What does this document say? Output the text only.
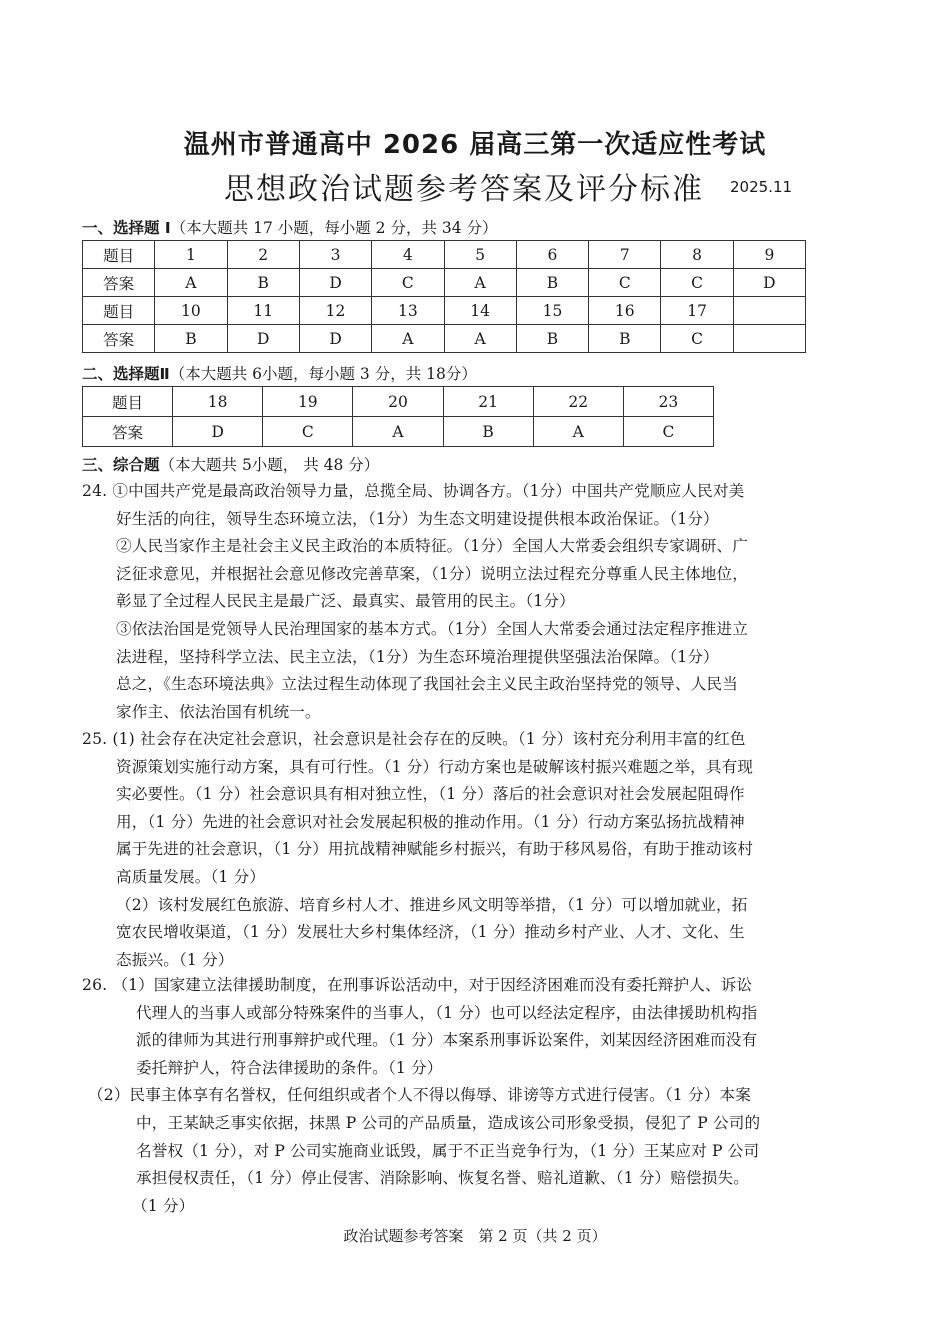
温州市普通高中 2026 届高三第一次适应性考试
思想政治试题参考答案及评分标准 2025.11
一、选择题 I（本大题共 17 小题，每小题 2 分，共 34 分）
题目	1	2	3	4	5	6	7	8	9
答案	A	B	D	C	A	B	C	C	D
题目	10	11	12	13	14	15	16	17	
答案	B	D	D	A	A	B	B	C	
二、选择题Ⅱ（本大题共 6小题，每小题 3 分，共 18分）
题目	18	19	20	21	22	23
答案	D	C	A	B	A	C
三、综合题（本大题共 5小题， 共 48 分）
24. ①中国共产党是最高政治领导力量，总揽全局、协调各方。（1分）中国共产党顺应人民对美
好生活的向往，领导生态环境立法，（1分）为生态文明建设提供根本政治保证。（1分）
②人民当家作主是社会主义民主政治的本质特征。（1分）全国人大常委会组织专家调研、广
泛征求意见，并根据社会意见修改完善草案，（1分）说明立法过程充分尊重人民主体地位，
彰显了全过程人民民主是最广泛、最真实、最管用的民主。（1分）
③依法治国是党领导人民治理国家的基本方式。（1分）全国人大常委会通过法定程序推进立
法进程，坚持科学立法、民主立法，（1分）为生态环境治理提供坚强法治保障。（1分）
总之，《生态环境法典》立法过程生动体现了我国社会主义民主政治坚持党的领导、人民当
家作主、依法治国有机统一。
25. (1) 社会存在决定社会意识，社会意识是社会存在的反映。（1 分）该村充分利用丰富的红色
资源策划实施行动方案，具有可行性。（1 分）行动方案也是破解该村振兴难题之举，具有现
实必要性。（1 分）社会意识具有相对独立性，（1 分）落后的社会意识对社会发展起阻碍作
用，（1 分）先进的社会意识对社会发展起积极的推动作用。（1 分）行动方案弘扬抗战精神
属于先进的社会意识，（1 分）用抗战精神赋能乡村振兴，有助于移风易俗，有助于推动该村
高质量发展。（1 分）
（2）该村发展红色旅游、培育乡村人才、推进乡风文明等举措，（1 分）可以增加就业，拓
宽农民增收渠道，（1 分）发展壮大乡村集体经济，（1 分）推动乡村产业、人才、文化、生
态振兴。（1 分）
26. （1）国家建立法律援助制度，在刑事诉讼活动中，对于因经济困难而没有委托辩护人、诉讼
代理人的当事人或部分特殊案件的当事人，（1 分）也可以经法定程序，由法律援助机构指
派的律师为其进行刑事辩护或代理。（1 分）本案系刑事诉讼案件，刘某因经济困难而没有
委托辩护人，符合法律援助的条件。（1 分）
（2）民事主体享有名誉权，任何组织或者个人不得以侮辱、诽谤等方式进行侵害。（1 分）本案
中，王某缺乏事实依据，抹黑 P 公司的产品质量，造成该公司形象受损，侵犯了 P 公司的
名誉权（1 分），对 P 公司实施商业诋毁，属于不正当竞争行为，（1 分）王某应对 P 公司
承担侵权责任，（1 分）停止侵害、消除影响、恢复名誉、赔礼道歉、（1 分）赔偿损失。
（1 分）
政治试题参考答案　第 2 页（共 2 页）
